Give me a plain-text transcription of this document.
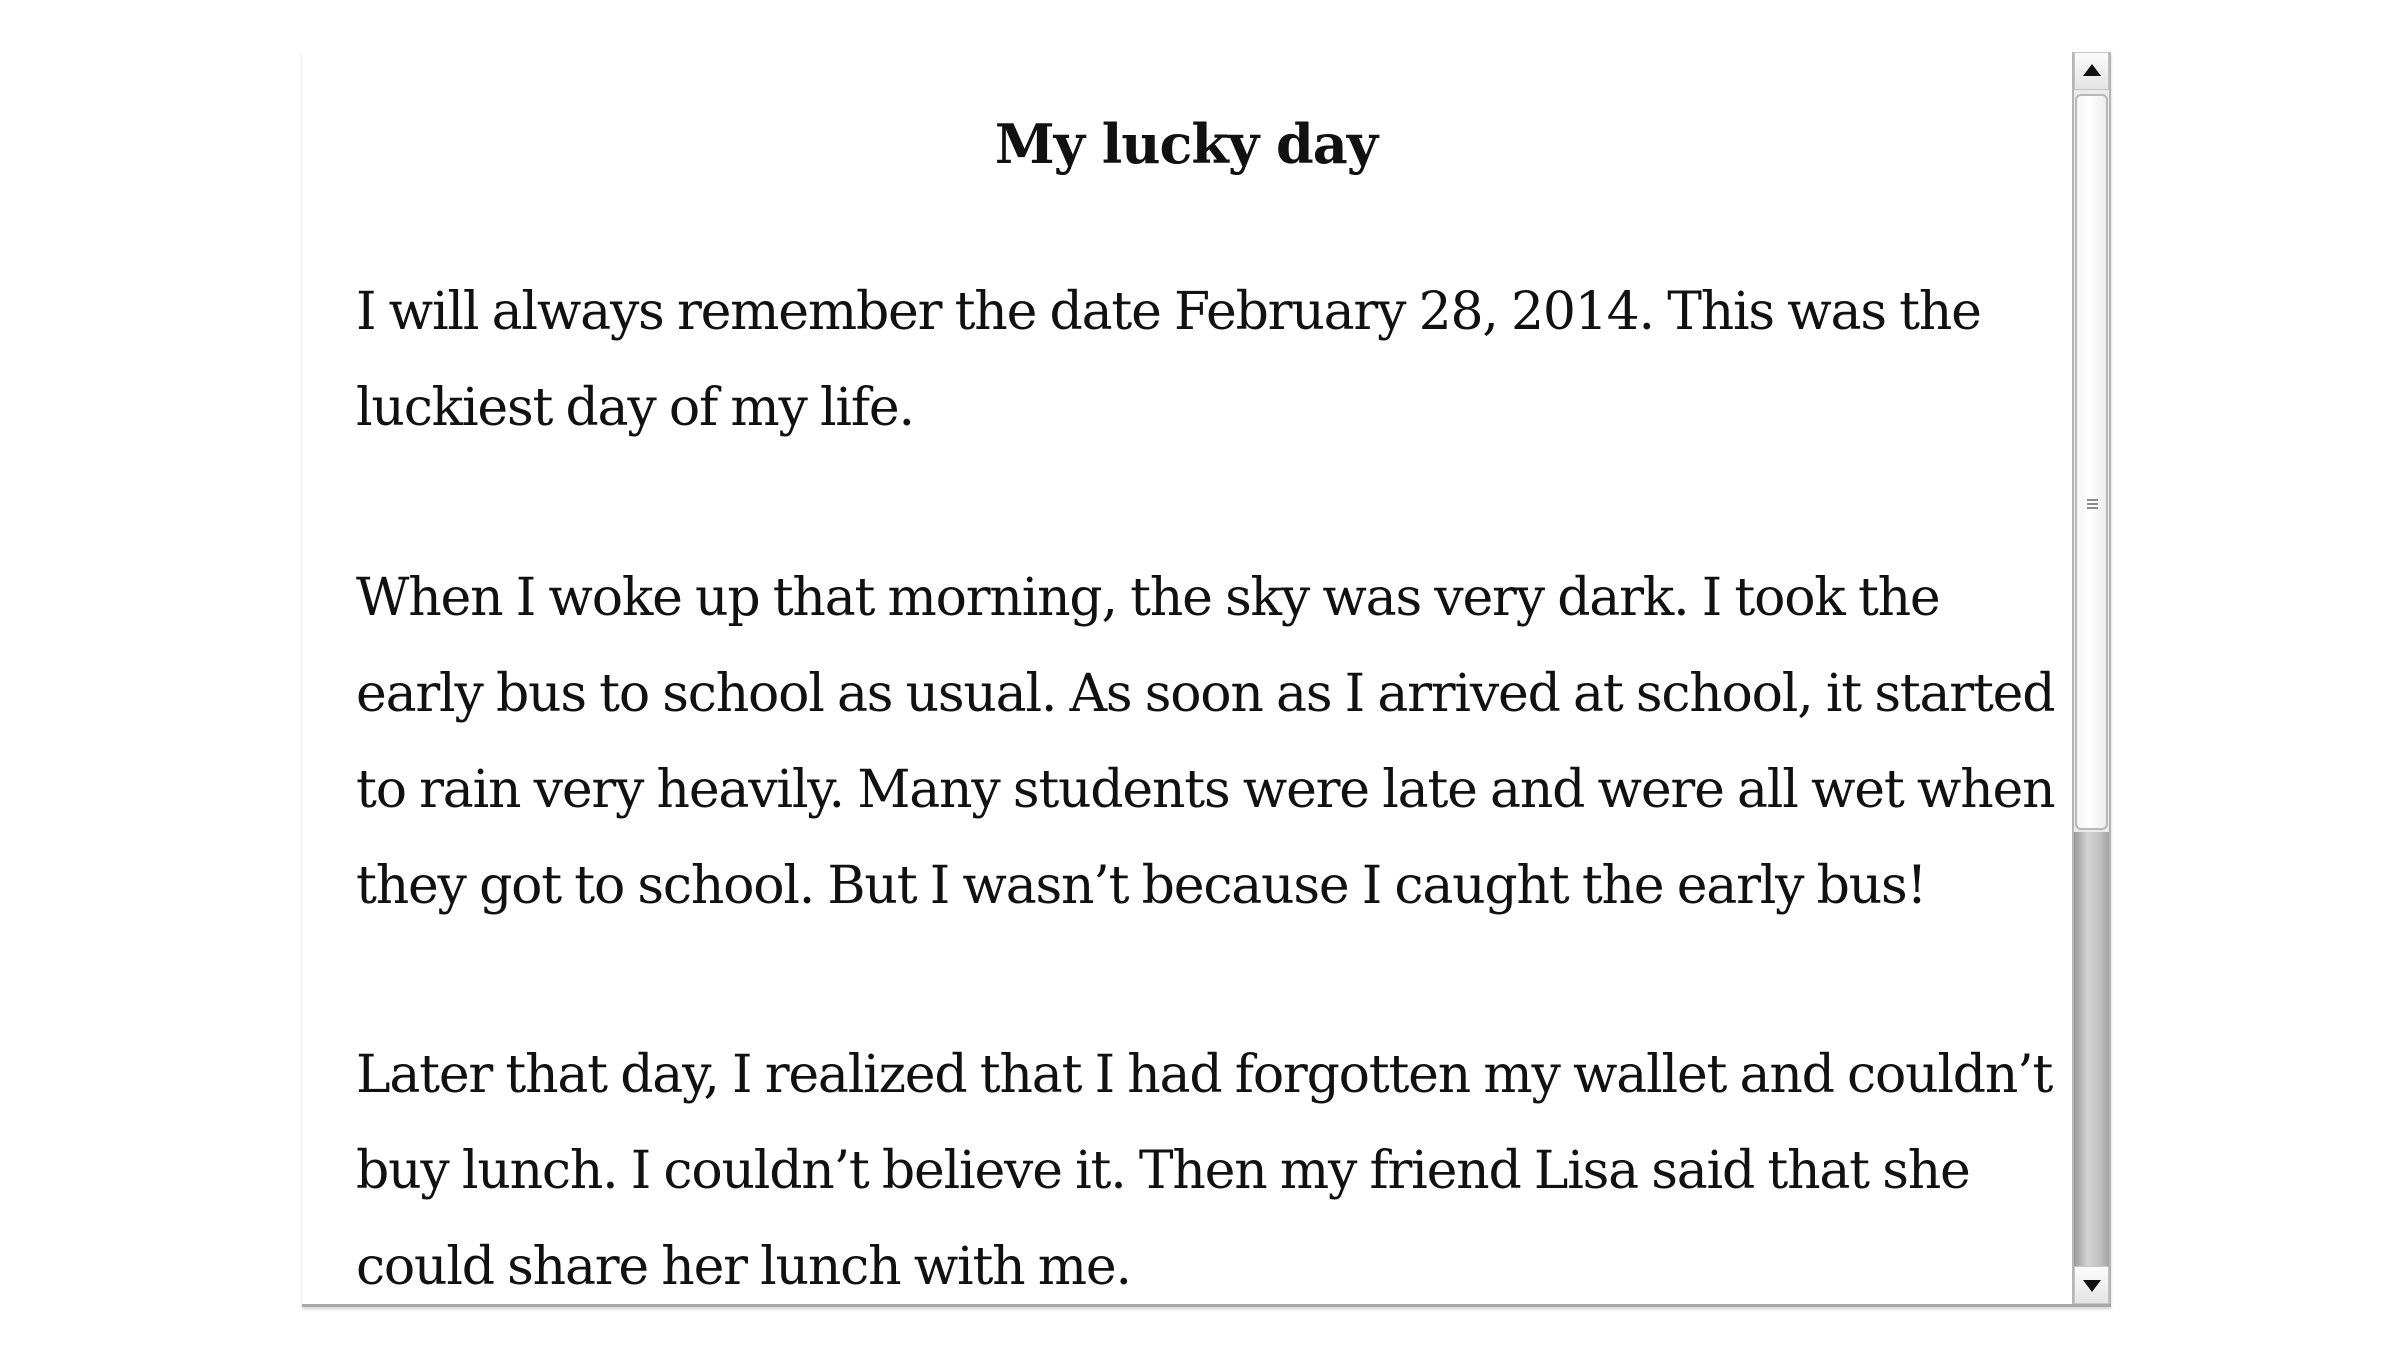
My lucky day

I will always remember the date February 28, 2014. This was the
luckiest day of my life.

When I woke up that morning, the sky was very dark. I took the
early bus to school as usual. As soon as I arrived at school, it started
to rain very heavily. Many students were late and were all wet when
they got to school. But I wasn’t because I caught the early bus!

Later that day, I realized that I had forgotten my wallet and couldn’t
buy lunch. I couldn’t believe it. Then my friend Lisa said that she
could share her lunch with me.
